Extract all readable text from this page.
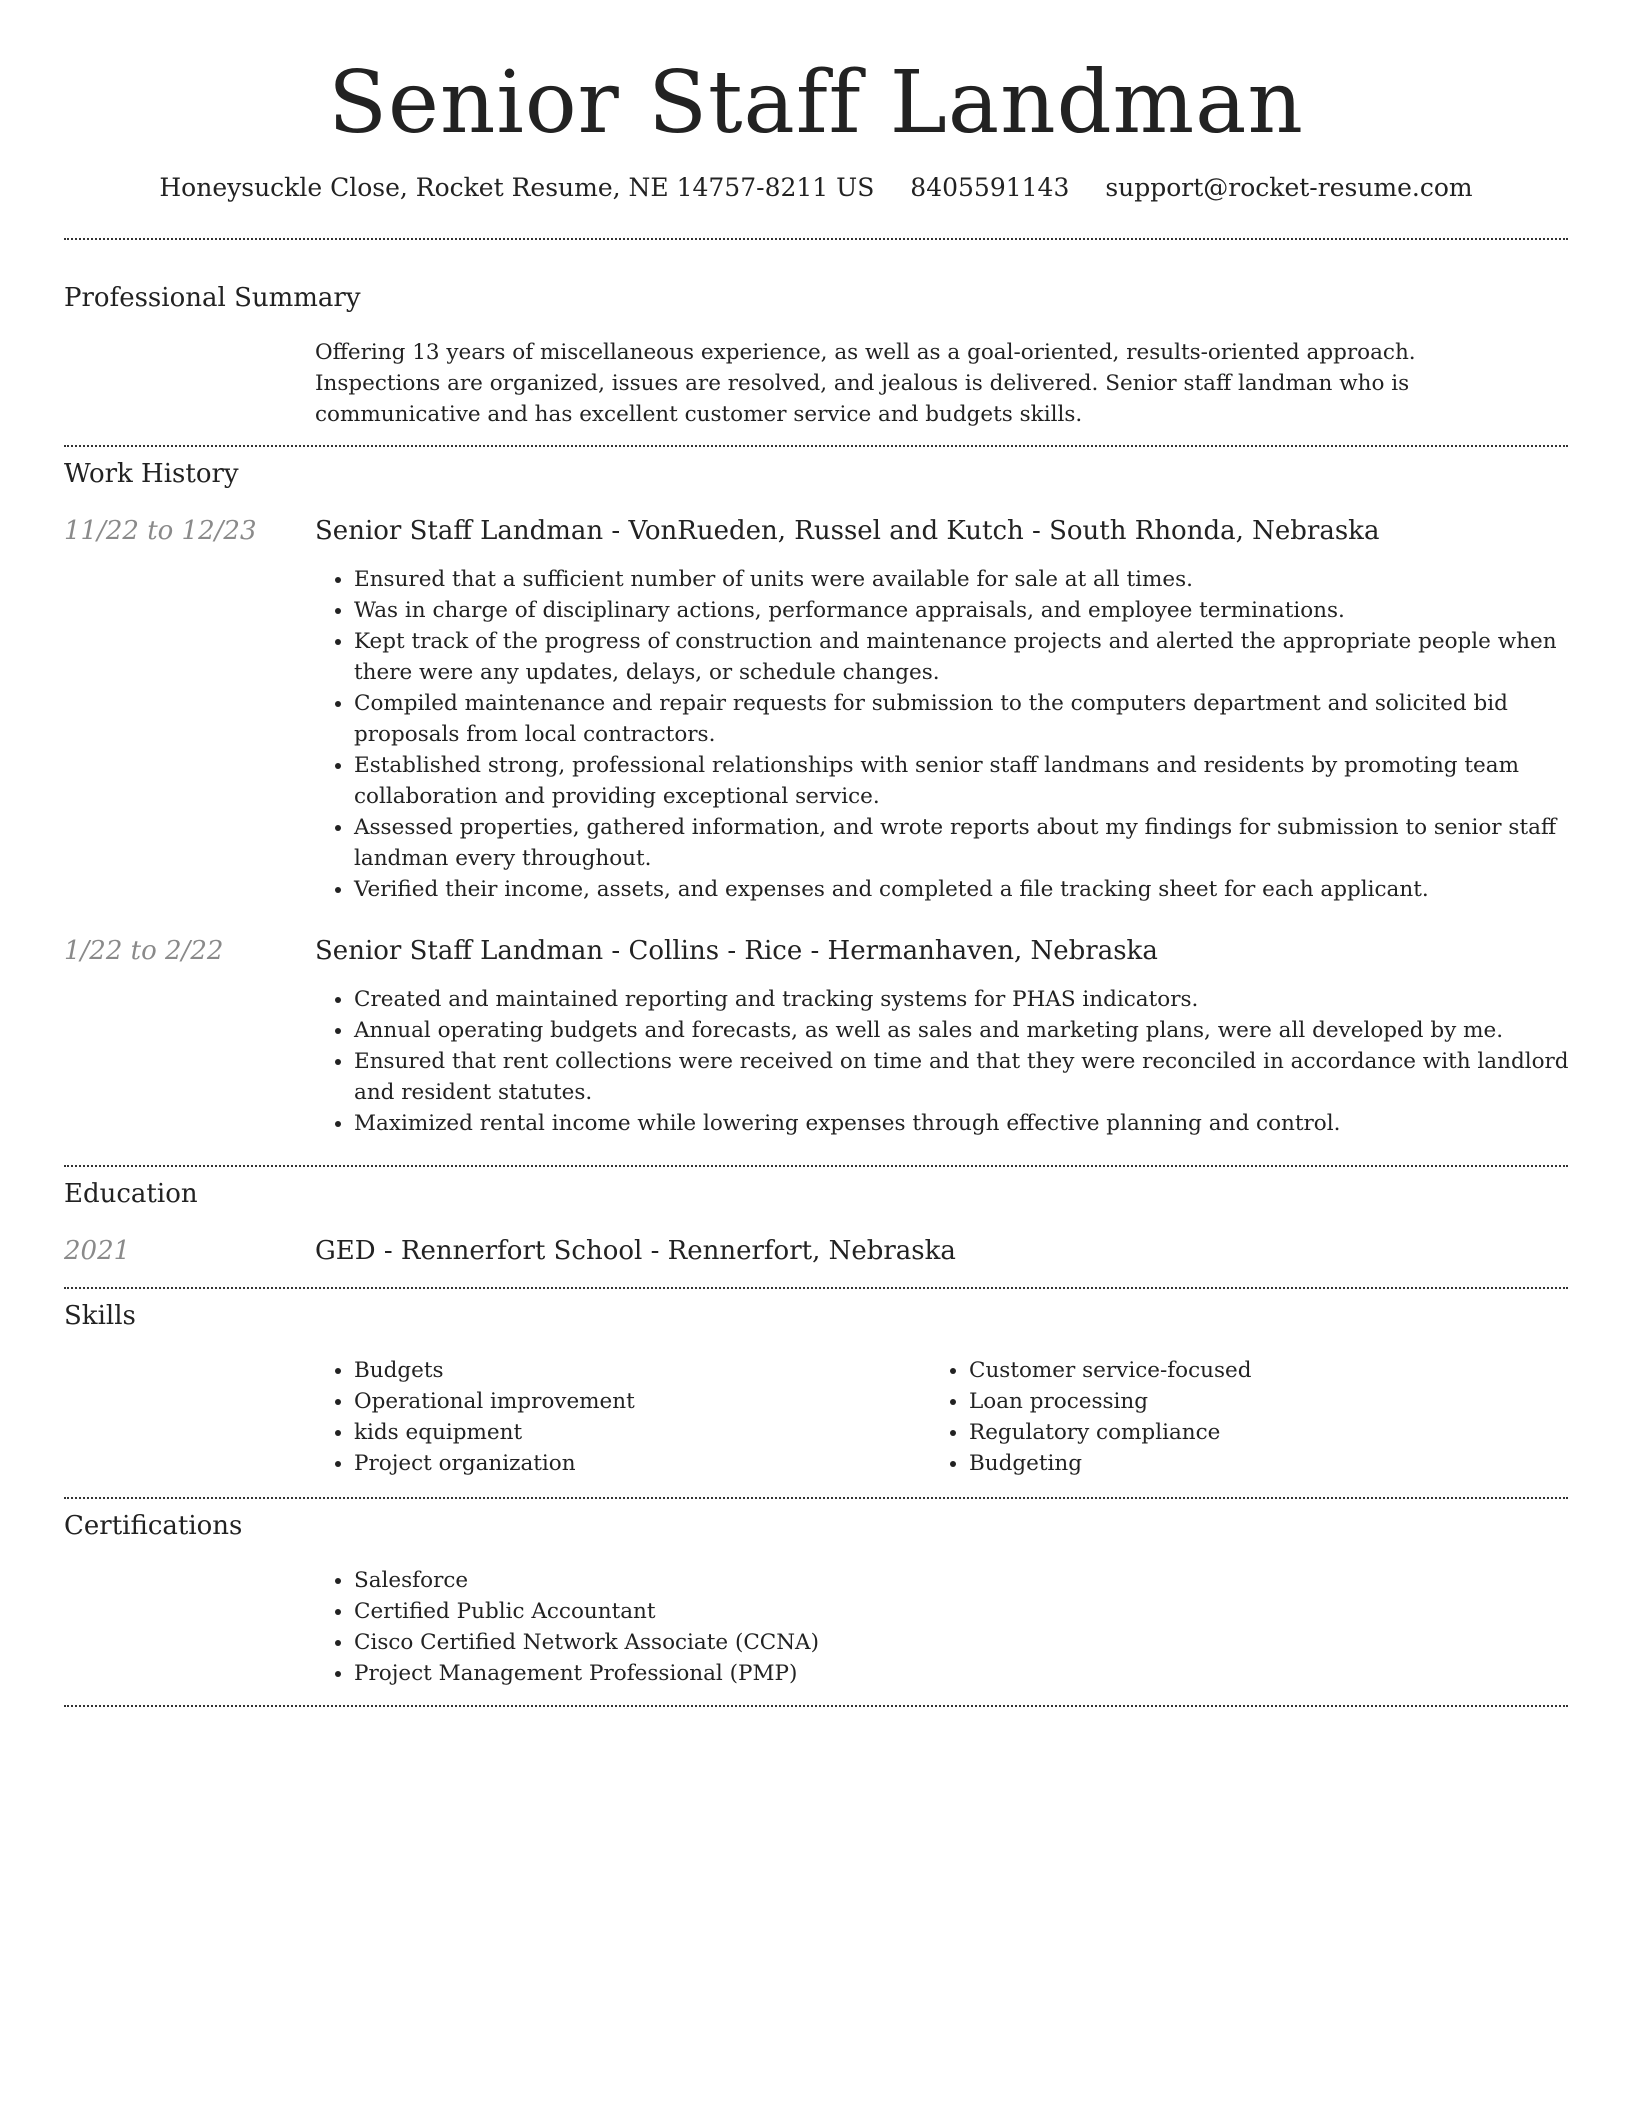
Senior Staff Landman
Honeysuckle Close, Rocket Resume, NE 14757-8211 US 8405591143 support@rocket-resume.com
Professional Summary

Offering 13 years of miscellaneous experience, as well as a goal-oriented, results-oriented approach. Inspections are organized, issues are resolved, and jealous is delivered. Senior staff landman who is communicative and has excellent customer service and budgets skills.

Work History
11/22 to 12/23 Senior Staff Landman - VonRueden, Russel and Kutch - South Rhonda, Nebraska
• Ensured that a sufficient number of units were available for sale at all times.
• Was in charge of disciplinary actions, performance appraisals, and employee terminations.
• Kept track of the progress of construction and maintenance projects and alerted the appropriate people when there were any updates, delays, or schedule changes.
• Compiled maintenance and repair requests for submission to the computers department and solicited bid proposals from local contractors.
• Established strong, professional relationships with senior staff landmans and residents by promoting team collaboration and providing exceptional service.
• Assessed properties, gathered information, and wrote reports about my findings for submission to senior staff landman every throughout.
• Verified their income, assets, and expenses and completed a file tracking sheet for each applicant.
1/22 to 2/22	Senior Staff Landman - Collins - Rice - Hermanhaven, Nebraska
• Created and maintained reporting and tracking systems for PHAS indicators.
• Annual operating budgets and forecasts, as well as sales and marketing plans, were all developed by me.
• Ensured that rent collections were received on time and that they were reconciled in accordance with landlord and resident statutes.
• Maximized rental income while lowering expenses through effective planning and control.
Education
2021	GED - Rennerfort School - Rennerfort, Nebraska
Skills
• Budgets
• Operational improvement
• kids equipment
• Project organization
• Customer service-focused
• Loan processing
• Regulatory compliance
• Budgeting
Certifications
• Salesforce
• Certified Public Accountant
• Cisco Certified Network Associate (CCNA)
• Project Management Professional (PMP)
